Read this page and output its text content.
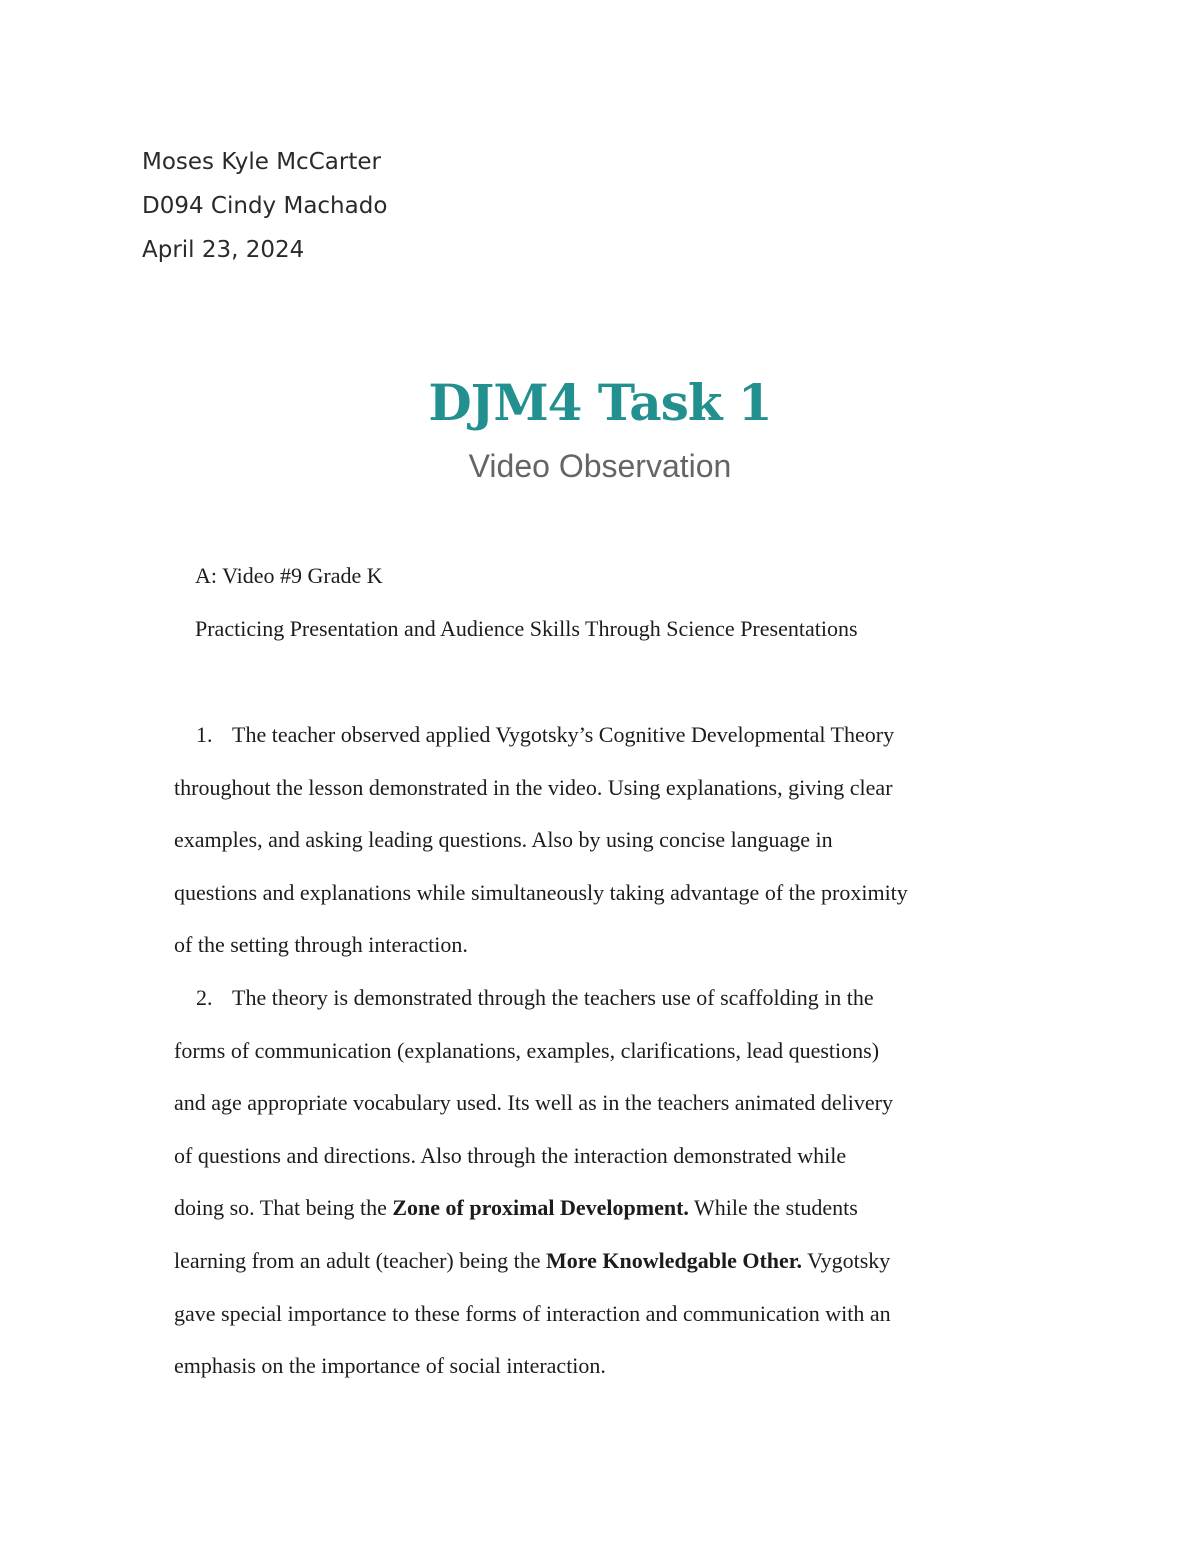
Moses Kyle McCarter
D094 Cindy Machado
April 23, 2024
DJM4 Task 1
Video Observation
A: Video #9 Grade K
Practicing Presentation and Audience Skills Through Science Presentations
1. The teacher observed applied Vygotsky’s Cognitive Developmental Theory
throughout the lesson demonstrated in the video. Using explanations, giving clear
examples, and asking leading questions. Also by using concise language in
questions and explanations while simultaneously taking advantage of the proximity
of the setting through interaction.
2. The theory is demonstrated through the teachers use of scaffolding in the
forms of communication (explanations, examples, clarifications, lead questions)
and age appropriate vocabulary used. Its well as in the teachers animated delivery
of questions and directions. Also through the interaction demonstrated while
doing so. That being the Zone of proximal Development. While the students
learning from an adult (teacher) being the More Knowledgable Other. Vygotsky
gave special importance to these forms of interaction and communication with an
emphasis on the importance of social interaction.
